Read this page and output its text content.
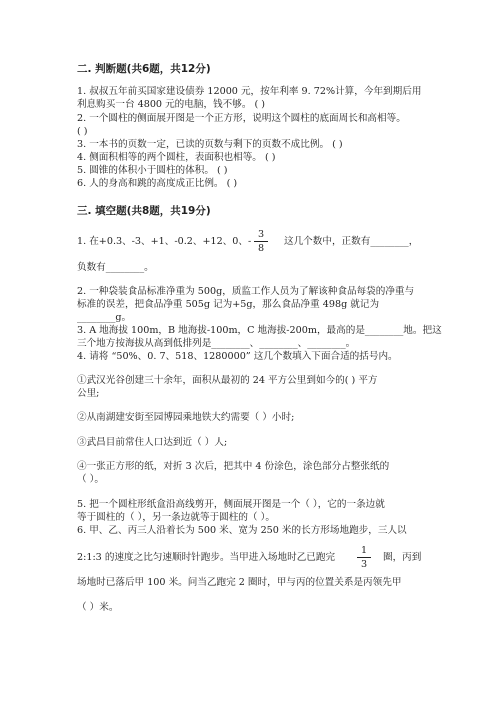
二. 判断题(共6题，共12分)
1. 叔叔五年前买国家建设债券 12000 元，按年利率 9. 72%计算，今年到期后用
利息购买一台 4800 元的电脑，钱不够。 ( )
2. 一个圆柱的侧面展开图是一个正方形，说明这个圆柱的底面周长和高相等。
( )
3. 一本书的页数一定，已读的页数与剩下的页数不成比例。 ( )
4. 侧面积相等的两个圆柱，表面积也相等。 ( )
5. 圆锥的体积小于圆柱的体积。 ( )
6. 人的身高和跳的高度成正比例。 ( )
三. 填空题(共8题，共19分)
1. 在+0.3、-3、+1、-0.2、+12、0、-
3
8
这几个数中，正数有________，
负数有________。
2. 一种袋装食品标准净重为 500g，质监工作人员为了解该种食品每袋的净重与
标准的误差，把食品净重 505g 记为+5g，那么食品净重 498g 就记为
________g。
3. A 地海拔 100m，B 地海拔-100m，C 地海拔-200m，最高的是________地。把这
三个地方按海拔从高到低排列是________、________、________。
4. 请将 “50%、0. 7、518、1280000” 这几个数填入下面合适的括号内。
①武汉光谷创建三十余年，面积从最初的 24 平方公里到如今的( ) 平方
公里;
②从南湖建安街至园博园乘地铁大约需要（ ）小时;
③武昌目前常住人口达到近（ ）人;
④一张正方形的纸，对折 3 次后，把其中 4 份涂色，涂色部分占整张纸的
（ ）。
5. 把一个圆柱形纸盒沿高线剪开，侧面展开图是一个（ ），它的一条边就
等于圆柱的（ ），另一条边就等于圆柱的（ ）。
6. 甲、乙、丙三人沿着长为 500 米、宽为 250 米的长方形场地跑步，三人以
2:1:3 的速度之比匀速顺时针跑步。当甲进入场地时乙已跑完
1
3
圈，丙到
场地时已落后甲 100 米。问当乙跑完 2 圈时，甲与丙的位置关系是丙领先甲
（ ）米。
